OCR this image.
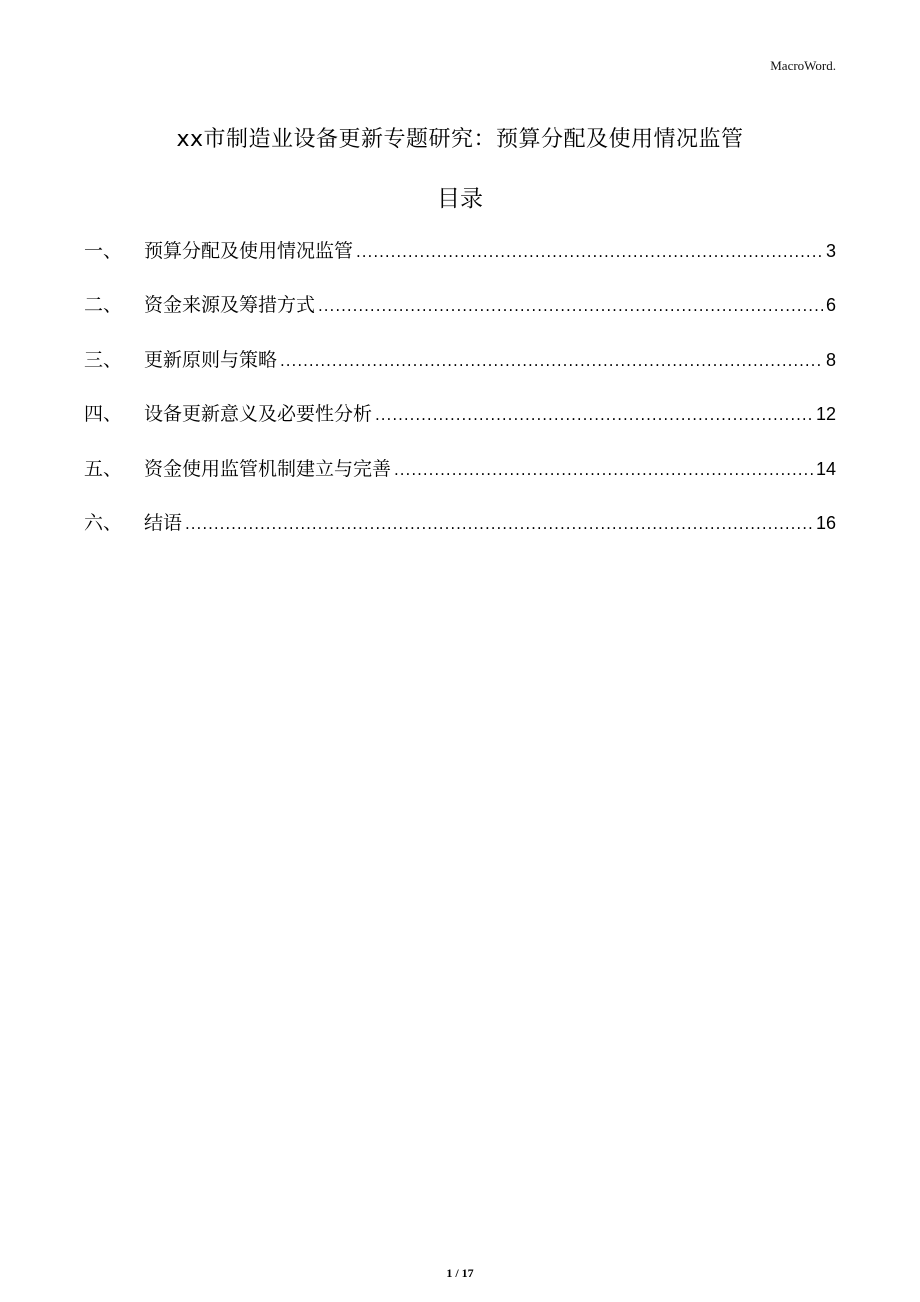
MacroWord.
xx市制造业设备更新专题研究：预算分配及使用情况监管
目录
一、	预算分配及使用情况监管 .....	3
二、	资金来源及筹措方式 .....	6
三、	更新原则与策略 .....	8
四、	设备更新意义及必要性分析 .....	12
五、	资金使用监管机制建立与完善 .....	14
六、	结语 .....	16
1 / 17
